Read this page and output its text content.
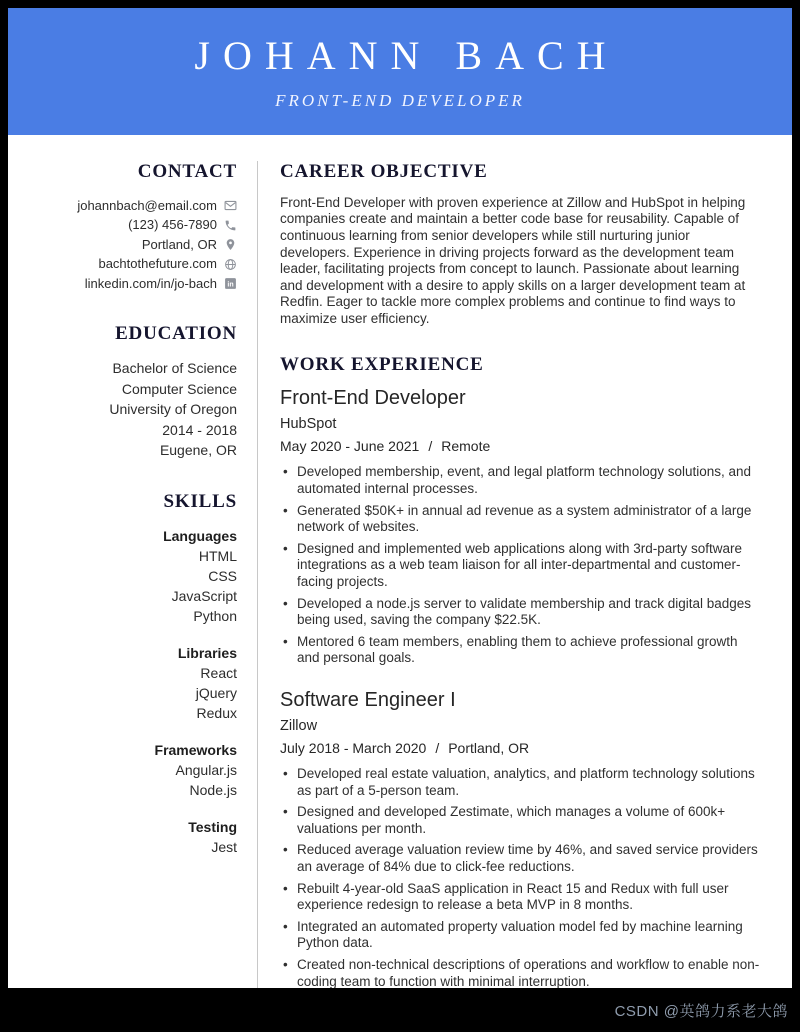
JOHANN BACH
FRONT-END DEVELOPER
CONTACT
johannbach@email.com
(123) 456-7890
Portland, OR
bachtothefuture.com
linkedin.com/in/jo-bach in
EDUCATION
Bachelor of Science
Computer Science
University of Oregon
2014 - 2018
Eugene, OR
SKILLS
Languages
HTML
CSS
JavaScript
Python
Libraries
React
jQuery
Redux
Frameworks
Angular.js
Node.js
Testing
Jest
CAREER OBJECTIVE

Front-End Developer with proven experience at Zillow and HubSpot in helping companies create and maintain a better code base for reusability. Capable of continuous learning from senior developers while still nurturing junior developers. Experience in driving projects forward as the development team leader, facilitating projects from concept to launch. Passionate about learning and development with a desire to apply skills on a larger development team at Redfin. Eager to tackle more complex problems and continue to find ways to maximize user efficiency.

WORK EXPERIENCE
Front-End Developer
HubSpot
May 2020 - June 2021 / Remote
• Developed membership, event, and legal platform technology solutions, and automated internal processes.
• Generated $50K+ in annual ad revenue as a system administrator of a large network of websites.
• Designed and implemented web applications along with 3rd-party software integrations as a web team liaison for all inter-departmental and customer-facing projects.
• Developed a node.js server to validate membership and track digital badges being used, saving the company $22.5K.
• Mentored 6 team members, enabling them to achieve professional growth and personal goals.
Software Engineer I
Zillow
July 2018 - March 2020 / Portland, OR
• Developed real estate valuation, analytics, and platform technology solutions as part of a 5-person team.
• Designed and developed Zestimate, which manages a volume of 600k+ valuations per month.
• Reduced average valuation review time by 46%, and saved service providers an average of 84% due to click-fee reductions.
• Rebuilt 4-year-old SaaS application in React 15 and Redux with full user experience redesign to release a beta MVP in 8 months.
• Integrated an automated property valuation model fed by machine learning Python data.
• Created non-technical descriptions of operations and workflow to enable non-coding team to function with minimal interruption.
CSDN @英鸽力系老大鸽
